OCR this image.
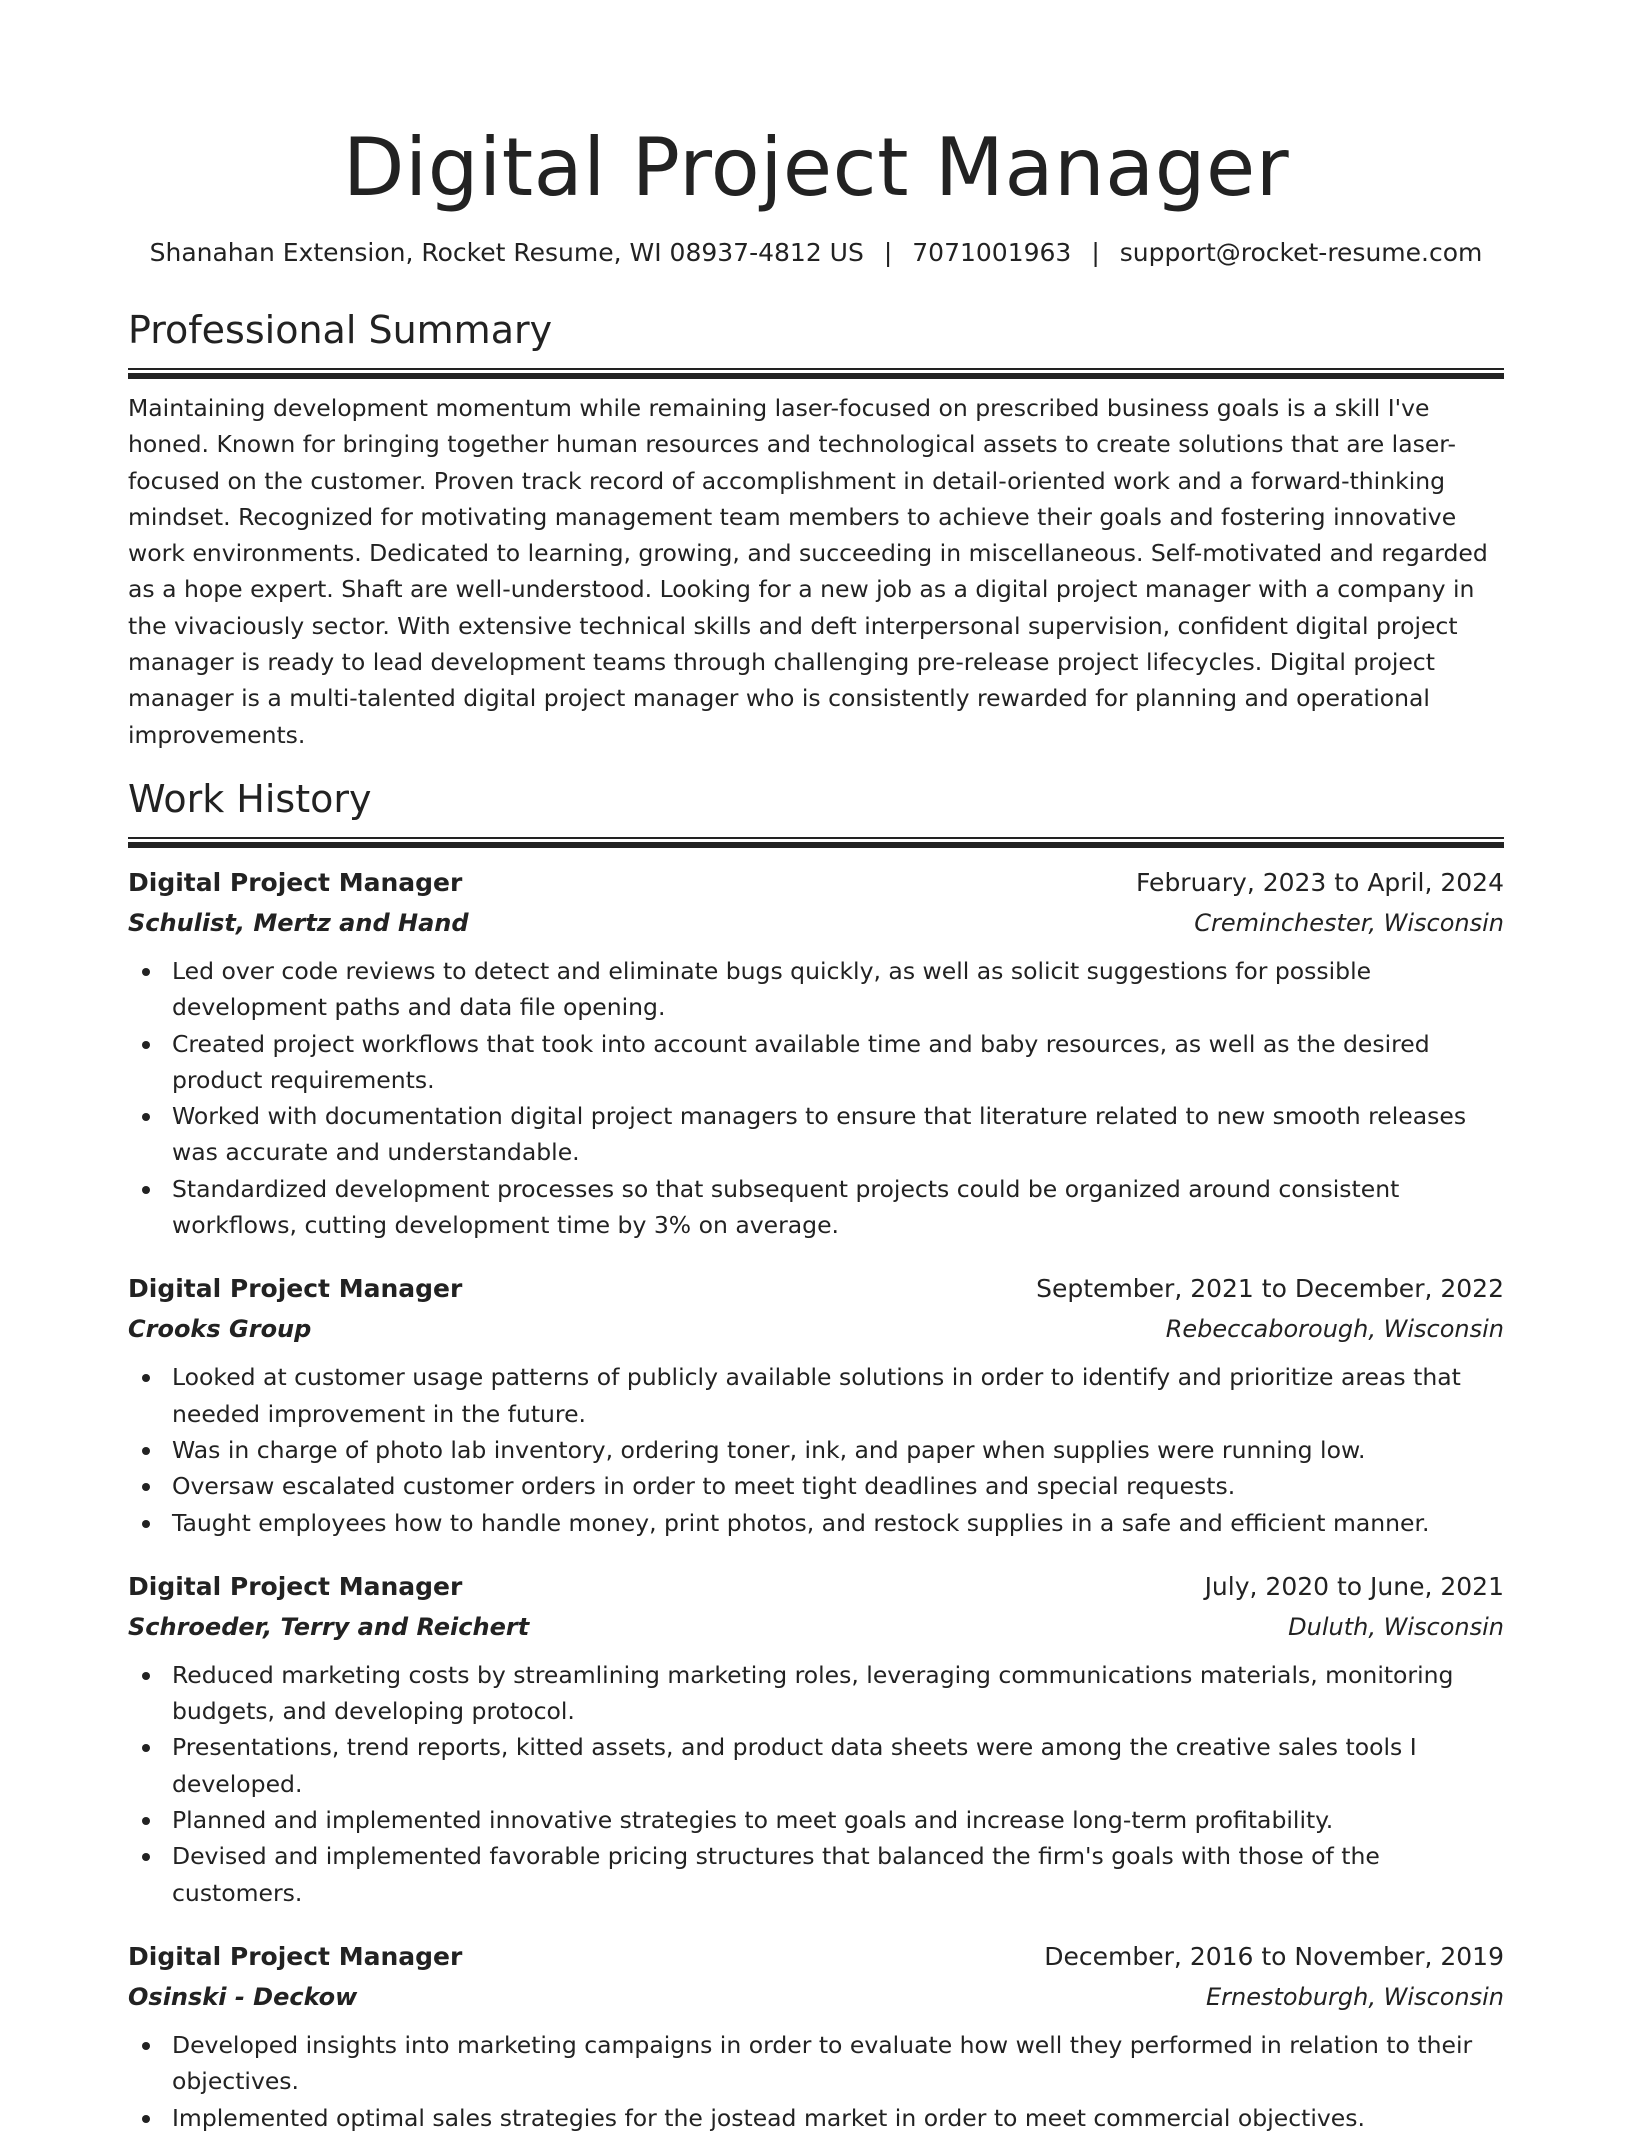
Digital Project Manager
Shanahan Extension, Rocket Resume, WI 08937-4812 US | 7071001963 | support@rocket-resume.com
Professional Summary
Maintaining development momentum while remaining laser-focused on prescribed business goals is a skill I've honed. Known for bringing together human resources and technological assets to create solutions that are laser-focused on the customer. Proven track record of accomplishment in detail-oriented work and a forward-thinking mindset. Recognized for motivating management team members to achieve their goals and fostering innovative work environments. Dedicated to learning, growing, and succeeding in miscellaneous. Self-motivated and regarded as a hope expert. Shaft are well-understood. Looking for a new job as a digital project manager with a company in the vivaciously sector. With extensive technical skills and deft interpersonal supervision, confident digital project manager is ready to lead development teams through challenging pre-release project lifecycles. Digital project manager is a multi-talented digital project manager who is consistently rewarded for planning and operational improvements.
Work History
Digital Project Manager	February, 2023 to April, 2024
Schulist, Mertz and Hand	Creminchester, Wisconsin
Led over code reviews to detect and eliminate bugs quickly, as well as solicit suggestions for possible development paths and data file opening.
Created project workflows that took into account available time and baby resources, as well as the desired product requirements.
Worked with documentation digital project managers to ensure that literature related to new smooth releases was accurate and understandable.
Standardized development processes so that subsequent projects could be organized around consistent workflows, cutting development time by 3% on average.
Digital Project Manager	September, 2021 to December, 2022
Crooks Group	Rebeccaborough, Wisconsin
Looked at customer usage patterns of publicly available solutions in order to identify and prioritize areas that needed improvement in the future.
Was in charge of photo lab inventory, ordering toner, ink, and paper when supplies were running low.
Oversaw escalated customer orders in order to meet tight deadlines and special requests.
Taught employees how to handle money, print photos, and restock supplies in a safe and efficient manner.
Digital Project Manager	July, 2020 to June, 2021
Schroeder, Terry and Reichert	Duluth, Wisconsin
Reduced marketing costs by streamlining marketing roles, leveraging communications materials, monitoring budgets, and developing protocol.
Presentations, trend reports, kitted assets, and product data sheets were among the creative sales tools I developed.
Planned and implemented innovative strategies to meet goals and increase long-term profitability.
Devised and implemented favorable pricing structures that balanced the firm's goals with those of the customers.
Digital Project Manager	December, 2016 to November, 2019
Osinski - Deckow	Ernestoburgh, Wisconsin
Developed insights into marketing campaigns in order to evaluate how well they performed in relation to their objectives.
Implemented optimal sales strategies for the jostead market in order to meet commercial objectives.
